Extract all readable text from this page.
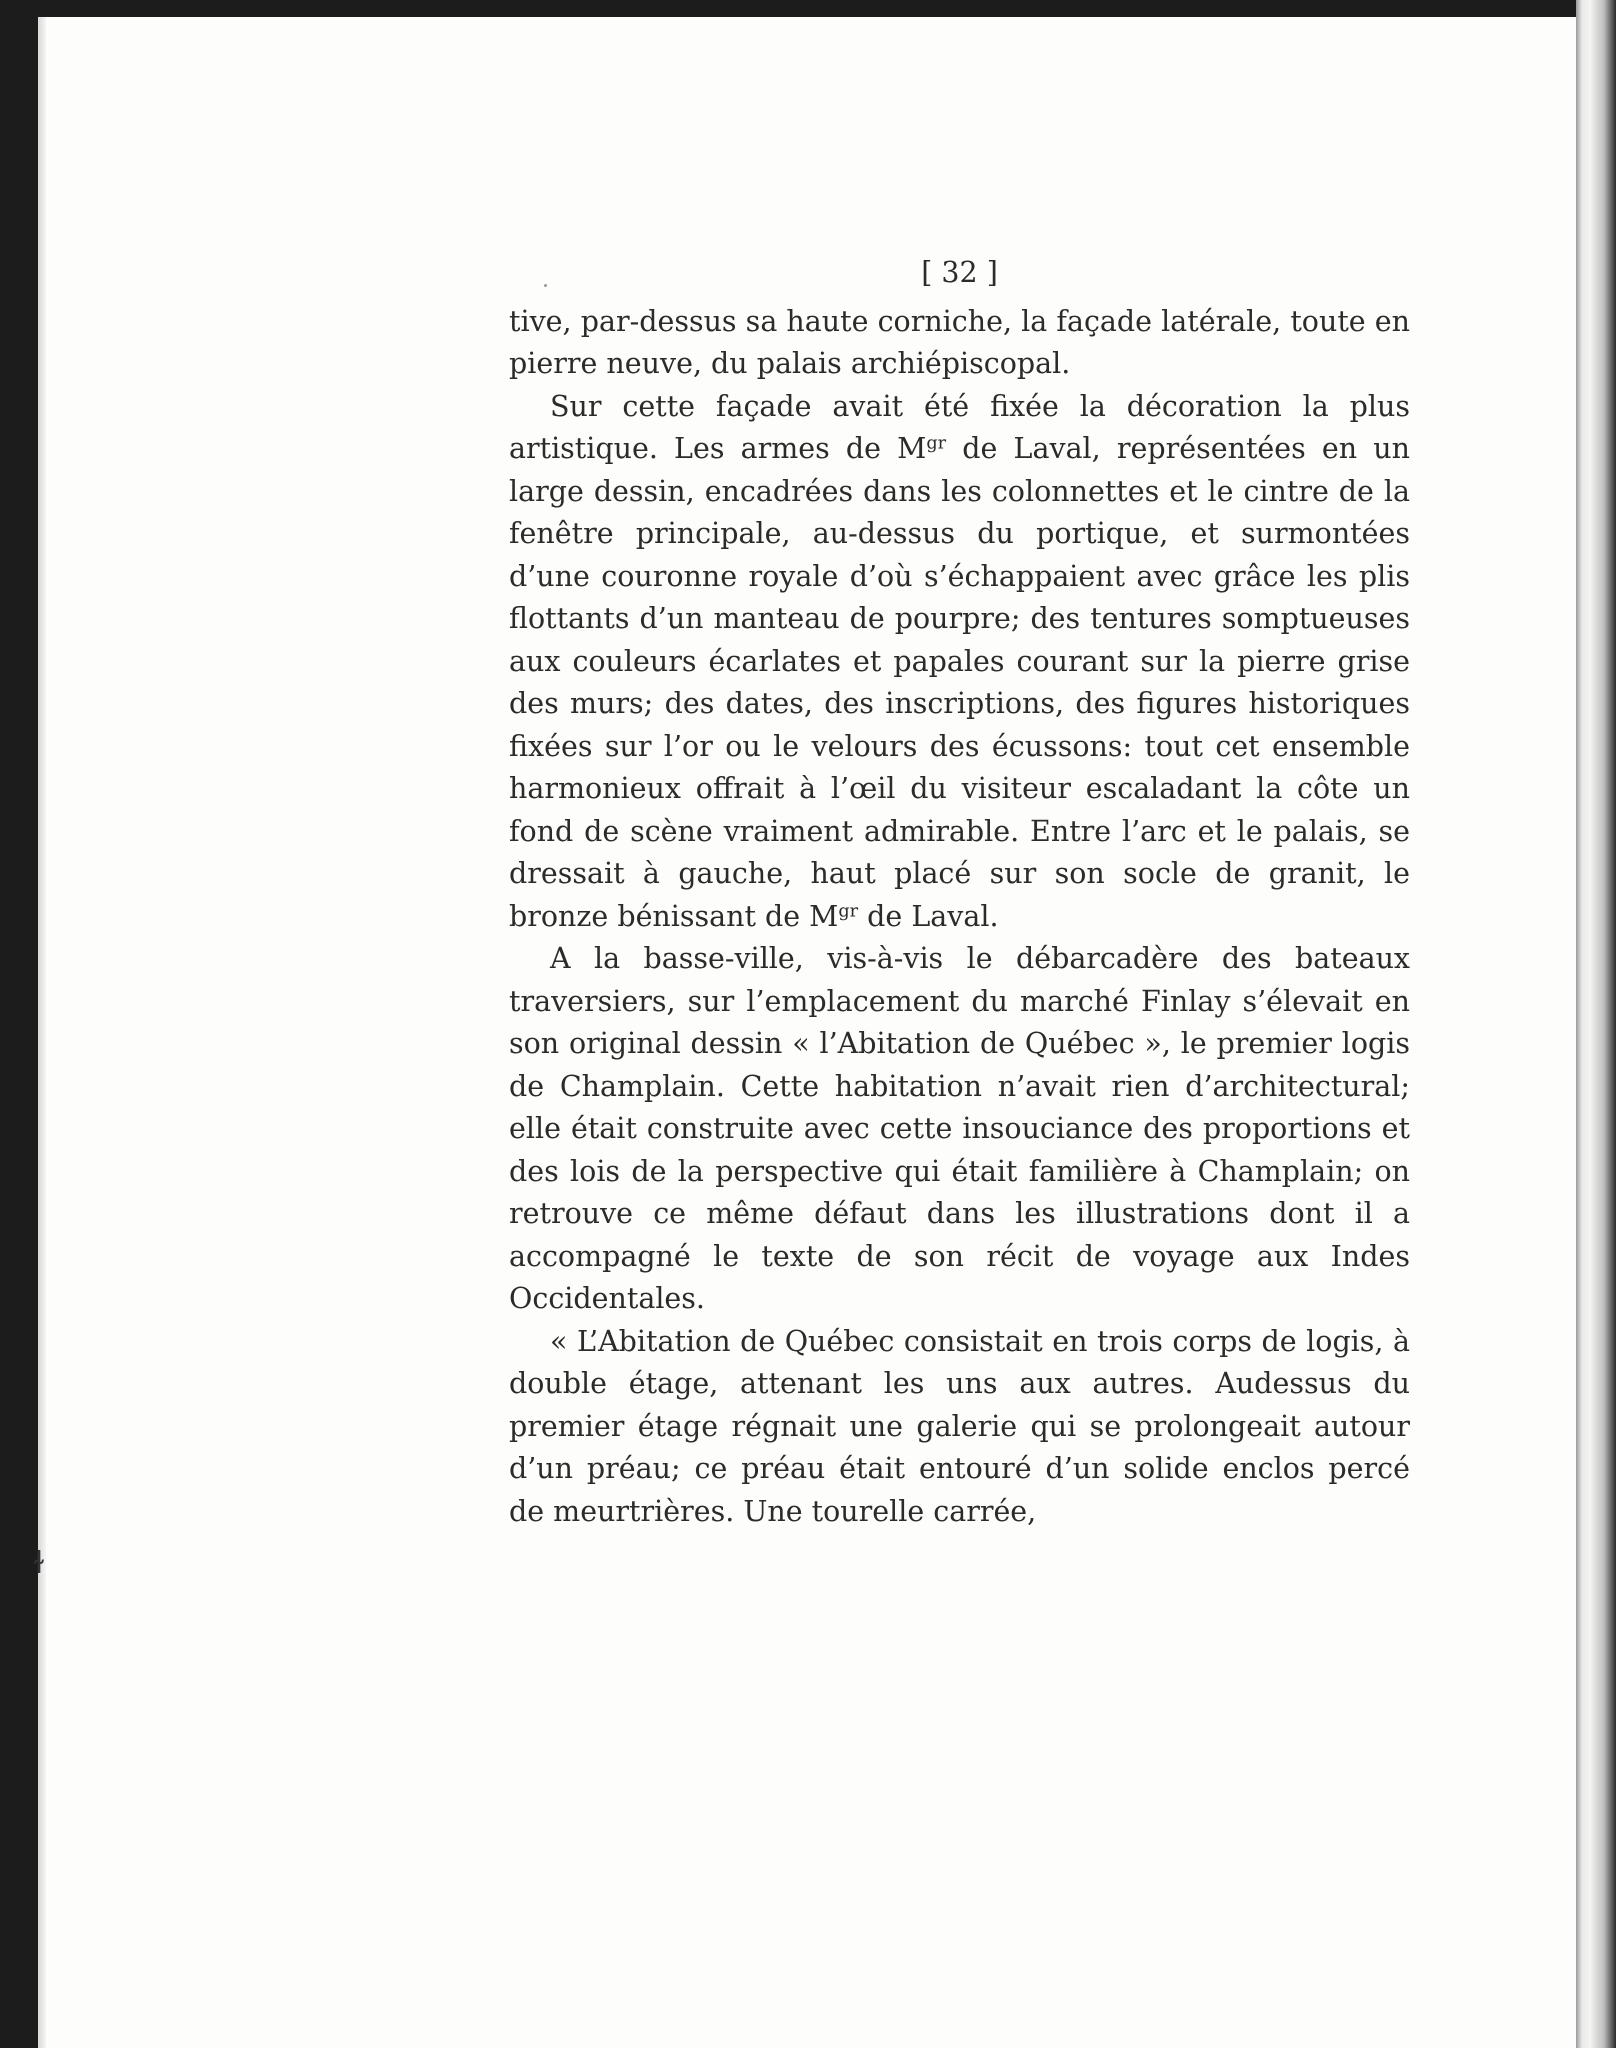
ɫ
[ 32 ]

tive, par-dessus sa haute corniche, la façade latérale, toute en pierre neuve, du palais archiépiscopal.

Sur cette façade avait été fixée la décoration la plus artistique. Les armes de $M^{gr}$ de Laval, représentées en un large dessin, encadrées dans les colonnettes et le cintre de la fenêtre principale, au-dessus du portique, et surmontées d’une couronne royale d’où s’échappaient avec grâce les plis flottants d’un manteau de pourpre; des tentures somptueuses aux couleurs écarlates et papales courant sur la pierre grise des murs; des dates, des inscriptions, des figures historiques fixées sur l’or ou le velours des écussons: tout cet ensemble harmonieux offrait à l’œil du visiteur escaladant la côte un fond de scène vraiment admirable. Entre l’arc et le palais, se dressait à gauche, haut placé sur son socle de granit, le bronze bénissant de $M^{gr}$ de Laval.

A la basse-ville, vis-à-vis le débarcadère des bateaux traversiers, sur l’emplacement du marché Finlay s’élevait en son original dessin « l’Abitation de Québec », le premier logis de Champlain. Cette habitation n’avait rien d’architectural; elle était construite avec cette insouciance des proportions et des lois de la perspective qui était familière à Champlain; on retrouve ce même défaut dans les illustrations dont il a accompagné le texte de son récit de voyage aux Indes Occidentales.

« L’Abitation de Québec consistait en trois corps de logis, à double étage, attenant les uns aux autres. Audessus du premier étage régnait une galerie qui se prolongeait autour d’un préau; ce préau était entouré d’un solide enclos percé de meurtrières. Une tourelle carrée,
